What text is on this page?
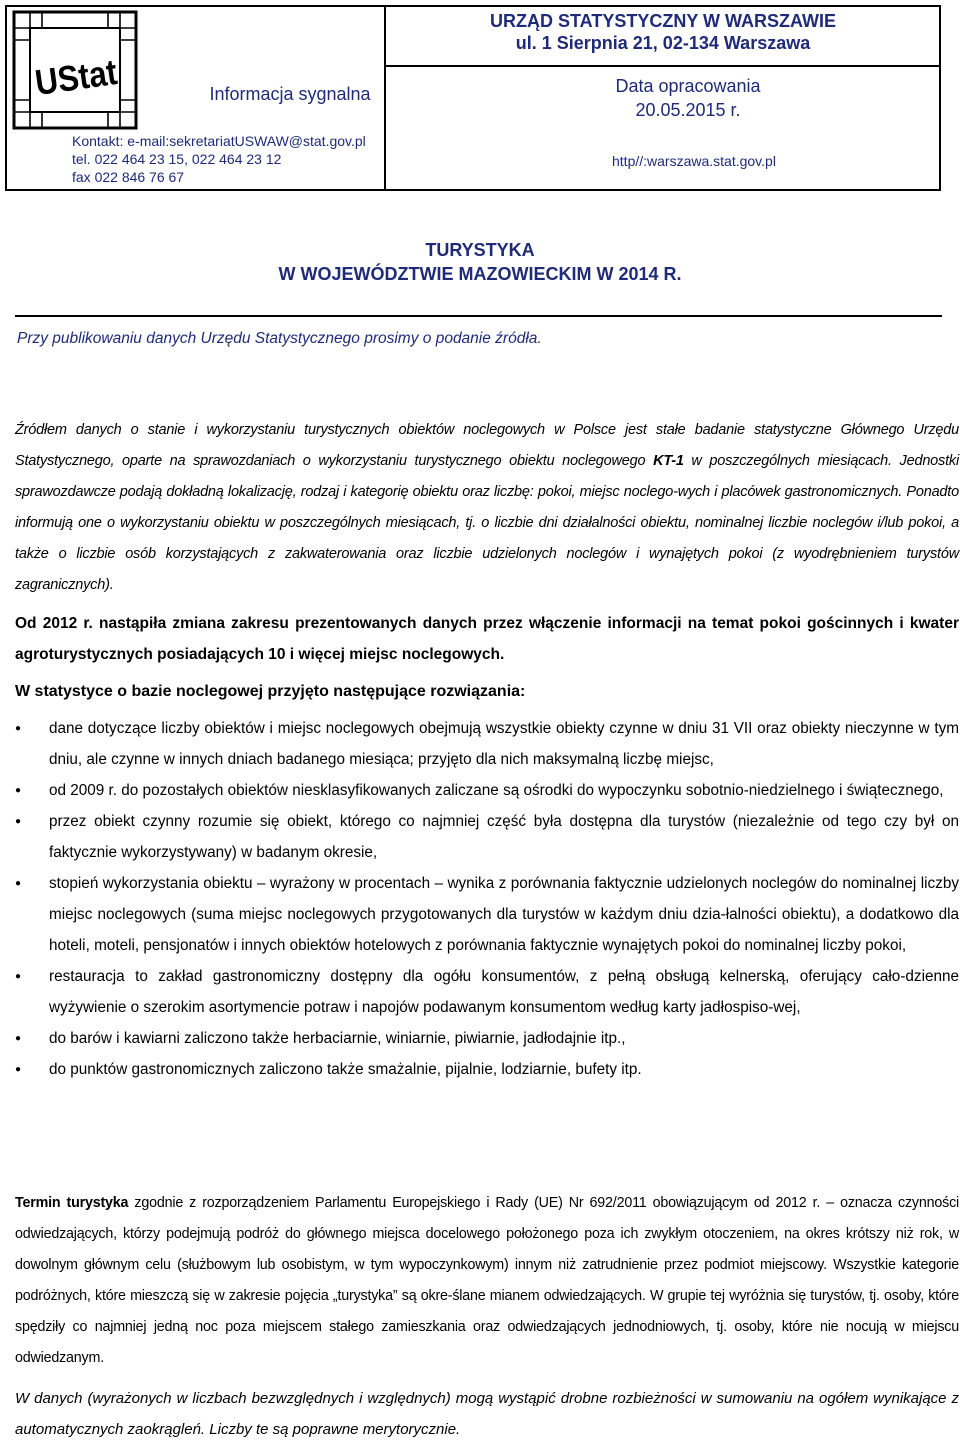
UStat
URZĄD STATYSTYCZNY W WARSZAWIE
ul. 1 Sierpnia 21, 02-134 Warszawa
Informacja sygnalna	Data opracowania
20.05.2015 r.
Kontakt: e-mail:sekretariatUSWAW@stat.gov.pl
tel. 022 464 23 15, 022 464 23 12
fax 022 846 76 67
http//:warszawa.stat.gov.pl
TURYSTYKA
W WOJEWÓDZTWIE MAZOWIECKIM W 2014 R.
Przy publikowaniu danych Urzędu Statystycznego prosimy o podanie źródła.
Źródłem danych o stanie i wykorzystaniu turystycznych obiektów noclegowych w Polsce jest stałe badanie statystyczne Głównego Urzędu Statystycznego, oparte na sprawozdaniach o wykorzystaniu turystycznego obiektu noclegowego KT-1 w poszczególnych miesiącach. Jednostki sprawozdawcze podają dokładną lokalizację, rodzaj i kategorię obiektu oraz liczbę: pokoi, miejsc noclego-wych i placówek gastronomicznych. Ponadto informują one o wykorzystaniu obiektu w poszczególnych miesiącach, tj. o liczbie dni działalności obiektu, nominalnej liczbie noclegów i/lub pokoi, a także o liczbie osób korzystających z zakwaterowania oraz liczbie udzielonych noclegów i wynajętych pokoi (z wyodrębnieniem turystów zagranicznych).
Od 2012 r. nastąpiła zmiana zakresu prezentowanych danych przez włączenie informacji na temat pokoi gościnnych i kwater agroturystycznych posiadających 10 i więcej miejsc noclegowych.
W statystyce o bazie noclegowej przyjęto następujące rozwiązania:
● dane dotyczące liczby obiektów i miejsc noclegowych obejmują wszystkie obiekty czynne w dniu 31 VII oraz obiekty nieczynne w tym dniu, ale czynne w innych dniach badanego miesiąca; przyjęto dla nich maksymalną liczbę miejsc,
● od 2009 r. do pozostałych obiektów niesklasyfikowanych zaliczane są ośrodki do wypoczynku sobotnio-niedzielnego i świątecznego,
● przez obiekt czynny rozumie się obiekt, którego co najmniej część była dostępna dla turystów (niezależnie od tego czy był on faktycznie wykorzystywany) w badanym okresie,
● stopień wykorzystania obiektu – wyrażony w procentach – wynika z porównania faktycznie udzielonych noclegów do nominalnej liczby miejsc noclegowych (suma miejsc noclegowych przygotowanych dla turystów w każdym dniu dzia-łalności obiektu), a dodatkowo dla hoteli, moteli, pensjonatów i innych obiektów hotelowych z porównania faktycznie wynajętych pokoi do nominalnej liczby pokoi,
● restauracja to zakład gastronomiczny dostępny dla ogółu konsumentów, z pełną obsługą kelnerską, oferujący cało-dzienne wyżywienie o szerokim asortymencie potraw i napojów podawanym konsumentom według karty jadłospiso-wej,
● do barów i kawiarni zaliczono także herbaciarnie, winiarnie, piwiarnie, jadłodajnie itp.,
● do punktów gastronomicznych zaliczono także smażalnie, pijalnie, lodziarnie, bufety itp.
Termin turystyka zgodnie z rozporządzeniem Parlamentu Europejskiego i Rady (UE) Nr 692/2011 obowiązującym od 2012 r. – oznacza czynności odwiedzających, którzy podejmują podróż do głównego miejsca docelowego położonego poza ich zwykłym otoczeniem, na okres krótszy niż rok, w dowolnym głównym celu (służbowym lub osobistym, w tym wypoczynkowym) innym niż zatrudnienie przez podmiot miejscowy. Wszystkie kategorie podróżnych, które mieszczą się w zakresie pojęcia „turystyka” są okre-ślane mianem odwiedzających. W grupie tej wyróżnia się turystów, tj. osoby, które spędziły co najmniej jedną noc poza miejscem stałego zamieszkania oraz odwiedzających jednodniowych, tj. osoby, które nie nocują w miejscu odwiedzanym.
W danych (wyrażonych w liczbach bezwzględnych i względnych) mogą wystąpić drobne rozbieżności w sumowaniu na ogółem wynikające z automatycznych zaokrągleń. Liczby te są poprawne merytorycznie.
